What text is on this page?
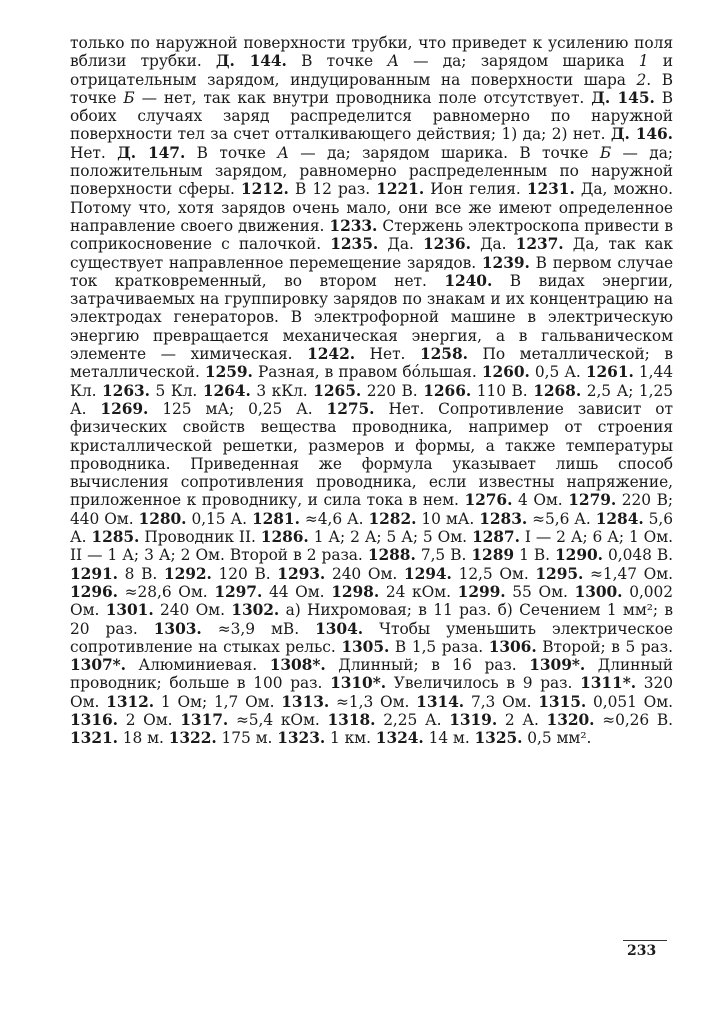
только по наружной поверхности трубки, что приведет к усилению поля вблизи трубки. Д. 144. В точке А — да; зарядом шарика 1 и отрицательным зарядом, индуцированным на поверхности шара 2. В точке Б — нет, так как внутри проводника поле отсутствует. Д. 145. В обоих случаях заряд распределится равномерно по наружной поверхности тел за счет отталкивающего действия; 1) да; 2) нет. Д. 146. Нет. Д. 147. В точке А — да; зарядом шарика. В точке Б — да; положительным зарядом, равномерно распределенным по наружной поверхности сферы. 1212. В 12 раз. 1221. Ион гелия. 1231. Да, можно. Потому что, хотя зарядов очень мало, они все же имеют определенное направление своего движения. 1233. Стержень электроскопа привести в соприкосновение с палочкой. 1235. Да. 1236. Да. 1237. Да, так как существует направленное перемещение зарядов. 1239. В первом случае ток кратковременный, во втором нет. 1240. В видах энергии, затрачиваемых на группировку зарядов по знакам и их концентрацию на электродах генераторов. В электрофорной машине в электрическую энергию превращается механическая энергия, а в гальваническом элементе — химическая. 1242. Нет. 1258. По металлической; в металлической. 1259. Разная, в правом бо́льшая. 1260. 0,5 А. 1261. 1,44 Кл. 1263. 5 Кл. 1264. 3 кКл. 1265. 220 В. 1266. 110 В. 1268. 2,5 А; 1,25 А. 1269. 125 мА; 0,25 А. 1275. Нет. Сопротивление зависит от физических свойств вещества проводника, например от строения кристаллической решетки, размеров и формы, а также температуры проводника. Приведенная же формула указывает лишь способ вычисления сопротивления проводника, если известны напряжение, приложенное к проводнику, и сила тока в нем. 1276. 4 Ом. 1279. 220 В; 440 Ом. 1280. 0,15 А. 1281. ≈4,6 А. 1282. 10 мА. 1283. ≈5,6 А. 1284. 5,6 А. 1285. Проводник II. 1286. 1 А; 2 А; 5 А; 5 Ом. 1287. I — 2 А; 6 А; 1 Ом. II — 1 А; 3 А; 2 Ом. Второй в 2 раза. 1288. 7,5 В. 1289 1 В. 1290. 0,048 В. 1291. 8 В. 1292. 120 В. 1293. 240 Ом. 1294. 12,5 Ом. 1295. ≈1,47 Ом. 1296. ≈28,6 Ом. 1297. 44 Ом. 1298. 24 кОм. 1299. 55 Ом. 1300. 0,002 Ом. 1301. 240 Ом. 1302. а) Нихромовая; в 11 раз. б) Сечением 1 мм²; в 20 раз. 1303. ≈3,9 мВ. 1304. Чтобы уменьшить электрическое сопротивление на стыках рельс. 1305. В 1,5 раза. 1306. Второй; в 5 раз. 1307*. Алюминиевая. 1308*. Длинный; в 16 раз. 1309*. Длинный проводник; больше в 100 раз. 1310*. Увеличилось в 9 раз. 1311*. 320 Ом. 1312. 1 Ом; 1,7 Ом. 1313. ≈1,3 Ом. 1314. 7,3 Ом. 1315. 0,051 Ом. 1316. 2 Ом. 1317. ≈5,4 кОм. 1318. 2,25 А. 1319. 2 А. 1320. ≈0,26 В. 1321. 18 м. 1322. 175 м. 1323. 1 км. 1324. 14 м. 1325. 0,5 мм².

233
